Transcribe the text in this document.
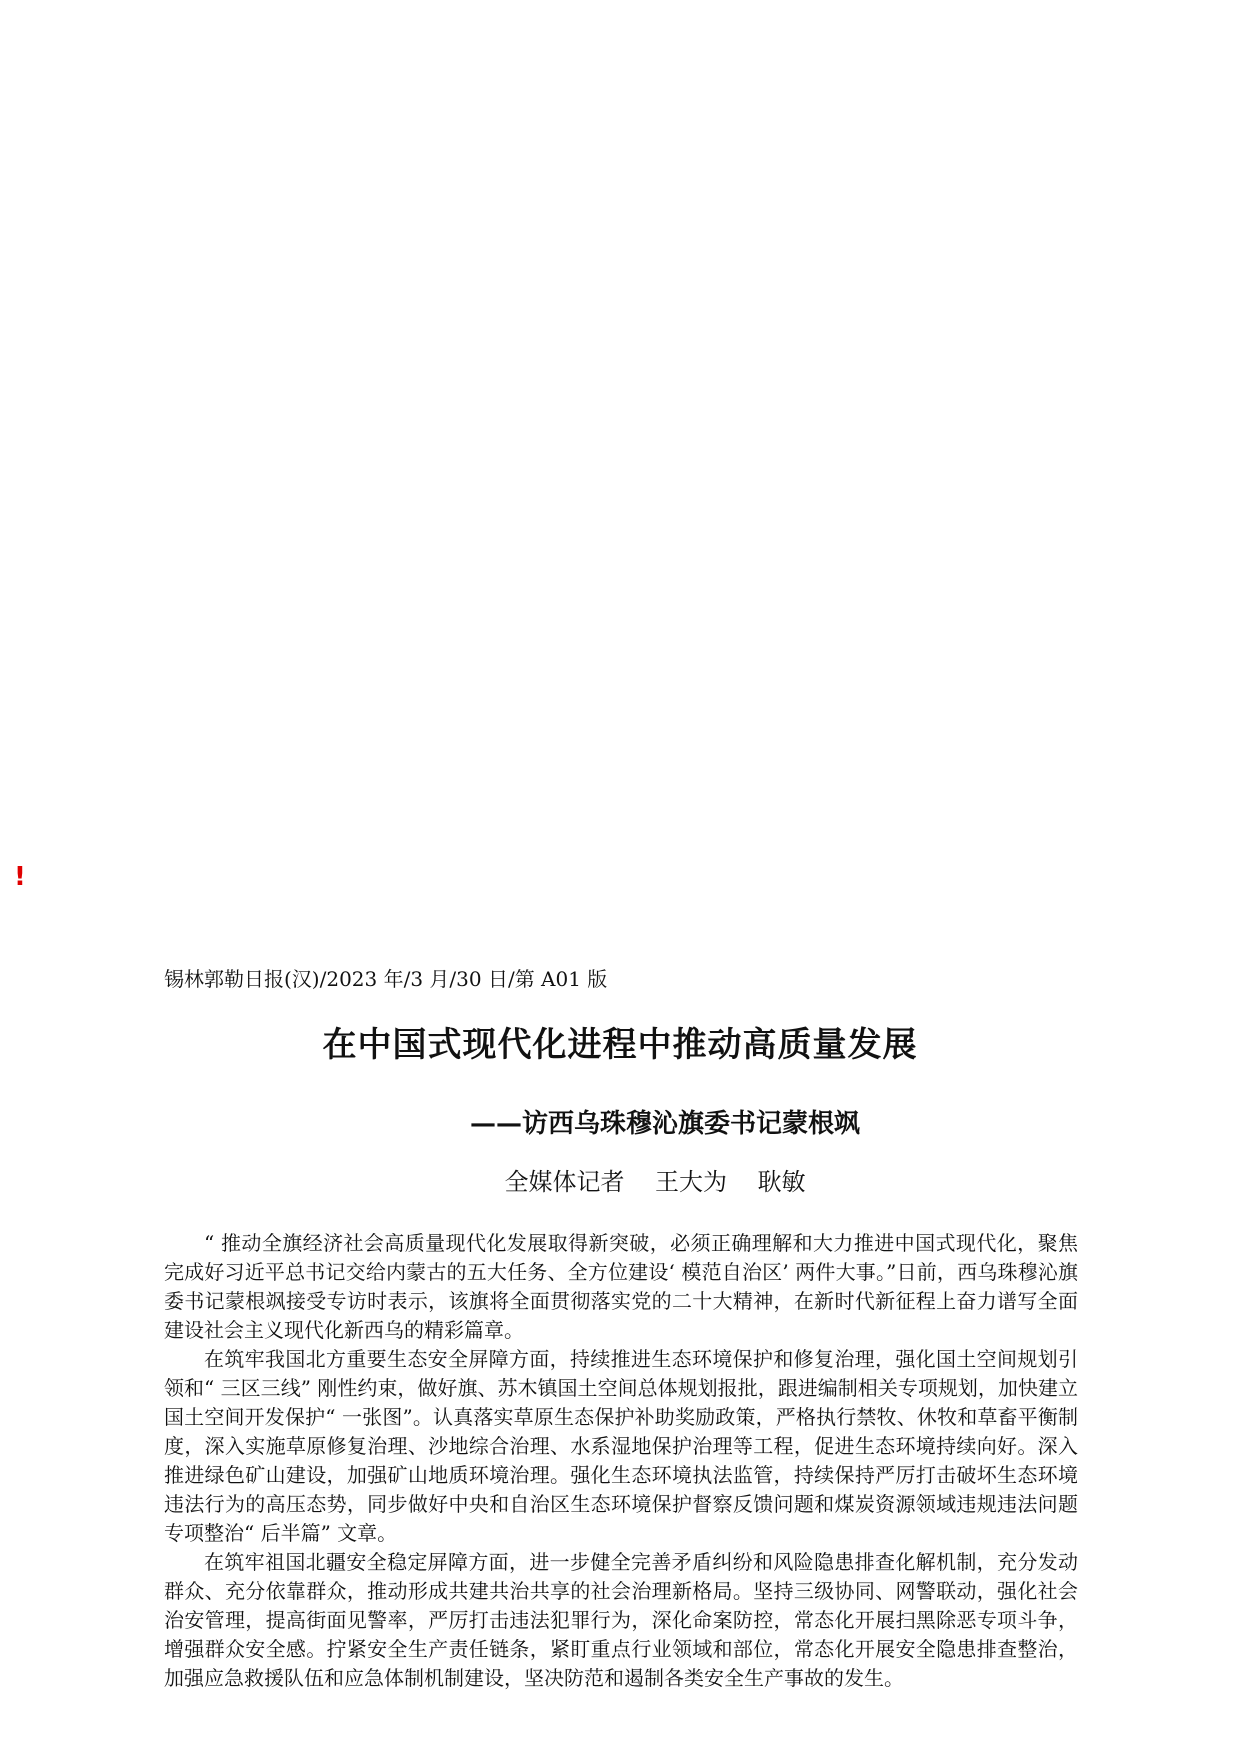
!
锡林郭勒日报(汉)/2023 年/3 月/30 日/第 A01 版
在中国式现代化进程中推动高质量发展
——访西乌珠穆沁旗委书记蒙根飒
全媒体记者    王大为    耿敏

“ 推动全旗经济社会高质量现代化发展取得新突破，必须正确理解和大力推进中国式现代化，聚焦完成好习近平总书记交给内蒙古的五大任务、全方位建设‘ 模范自治区’ 两件大事。”日前，西乌珠穆沁旗委书记蒙根飒接受专访时表示，该旗将全面贯彻落实党的二十大精神，在新时代新征程上奋力谱写全面建设社会主义现代化新西乌的精彩篇章。

在筑牢我国北方重要生态安全屏障方面，持续推进生态环境保护和修复治理，强化国土空间规划引领和“ 三区三线” 刚性约束，做好旗、苏木镇国土空间总体规划报批，跟进编制相关专项规划，加快建立国土空间开发保护“ 一张图”。认真落实草原生态保护补助奖励政策，严格执行禁牧、休牧和草畜平衡制度，深入实施草原修复治理、沙地综合治理、水系湿地保护治理等工程，促进生态环境持续向好。深入推进绿色矿山建设，加强矿山地质环境治理。强化生态环境执法监管，持续保持严厉打击破坏生态环境违法行为的高压态势，同步做好中央和自治区生态环境保护督察反馈问题和煤炭资源领域违规违法问题专项整治“ 后半篇” 文章。

在筑牢祖国北疆安全稳定屏障方面，进一步健全完善矛盾纠纷和风险隐患排查化解机制，充分发动群众、充分依靠群众，推动形成共建共治共享的社会治理新格局。坚持三级协同、网警联动，强化社会治安管理，提高街面见警率，严厉打击违法犯罪行为，深化命案防控，常态化开展扫黑除恶专项斗争，增强群众安全感。拧紧安全生产责任链条，紧盯重点行业领域和部位，常态化开展安全隐患排查整治，加强应急救援队伍和应急体制机制建设，坚决防范和遏制各类安全生产事故的发生。
